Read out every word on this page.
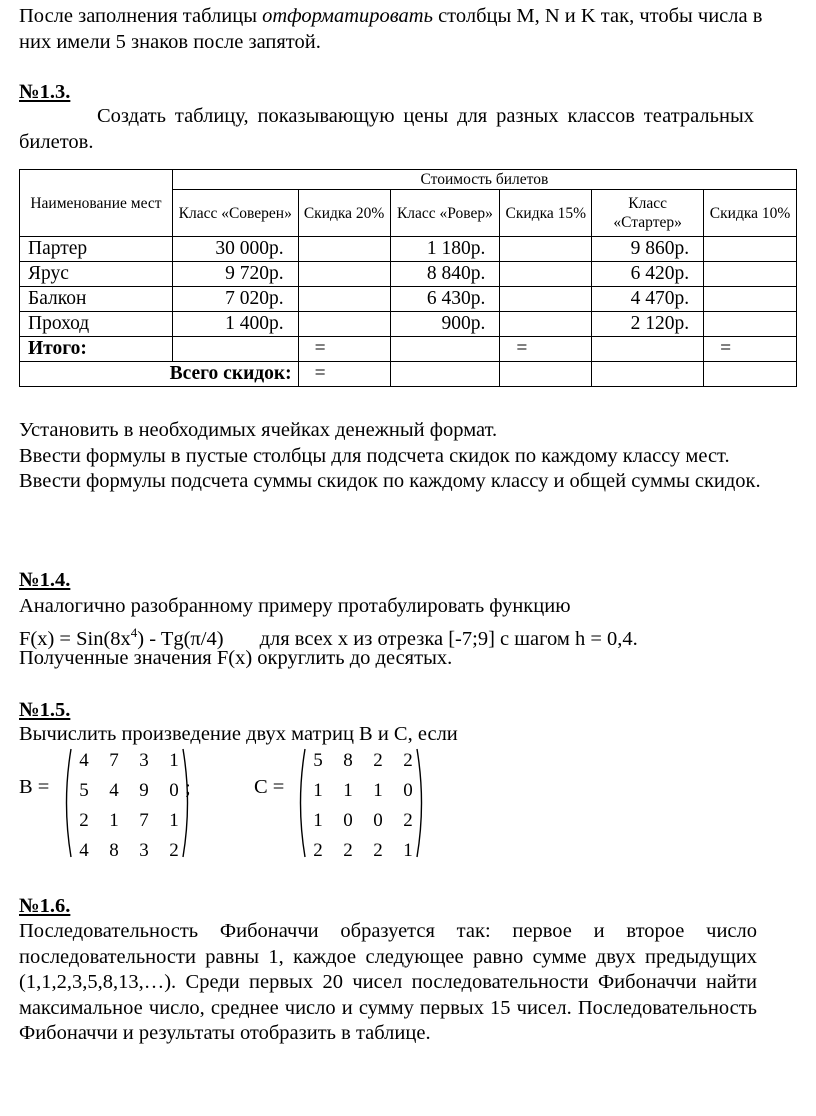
После заполнения таблицы отформатировать столбцы M, N и K так, чтобы числа в них имели 5 знаков после запятой.

№1.3.

Создать таблицу, показывающую цены для разных классов театральных билетов.

Наименование мест	Стоимость билетов					
	Класс «Соверен»	Скидка 20%	Класс «Ровер»	Скидка 15%	Класс «Стартер»	Скидка 10%
Партер	30 000р.		1 180р.		9 860р.	
Ярус	9 720р.		8 840р.		6 420р.	
Балкон	7 020р.		6 430р.		4 470р.	
Проход	1 400р.		900р.		2 120р.	
Итого:		=		=		=
Всего скидок:		=				

Установить в необходимых ячейках денежный формат.

Ввести формулы в пустые столбцы для подсчета скидок по каждому классу мест.

Ввести формулы подсчета суммы скидок по каждому классу и общей суммы скидок.

№1.4.

Аналогично разобранному примеру протабулировать функцию

$F(x) = Sin(8x^4) - Tg(\pi/4)$ для всех x из отрезка [-7;9] с шагом h = 0,4.

Полученные значения F(x) округлить до десятых.

№1.5.

Вычислить произведение двух матриц B и C, если

B =
4 7 3 1
5 4 9 0
2 1 7 1
4 8 3 2
;	C =
5 8 2 2
1 1 1 0
1 0 0 2
2 2 2 1

№1.6.

Последовательность Фибоначчи образуется так: первое и второе число последовательности равны 1, каждое следующее равно сумме двух предыдущих (1,1,2,3,5,8,13,…). Среди первых 20 чисел последовательности Фибоначчи найти максимальное число, среднее число и сумму первых 15 чисел. Последовательность Фибоначчи и результаты отобразить в таблице.
